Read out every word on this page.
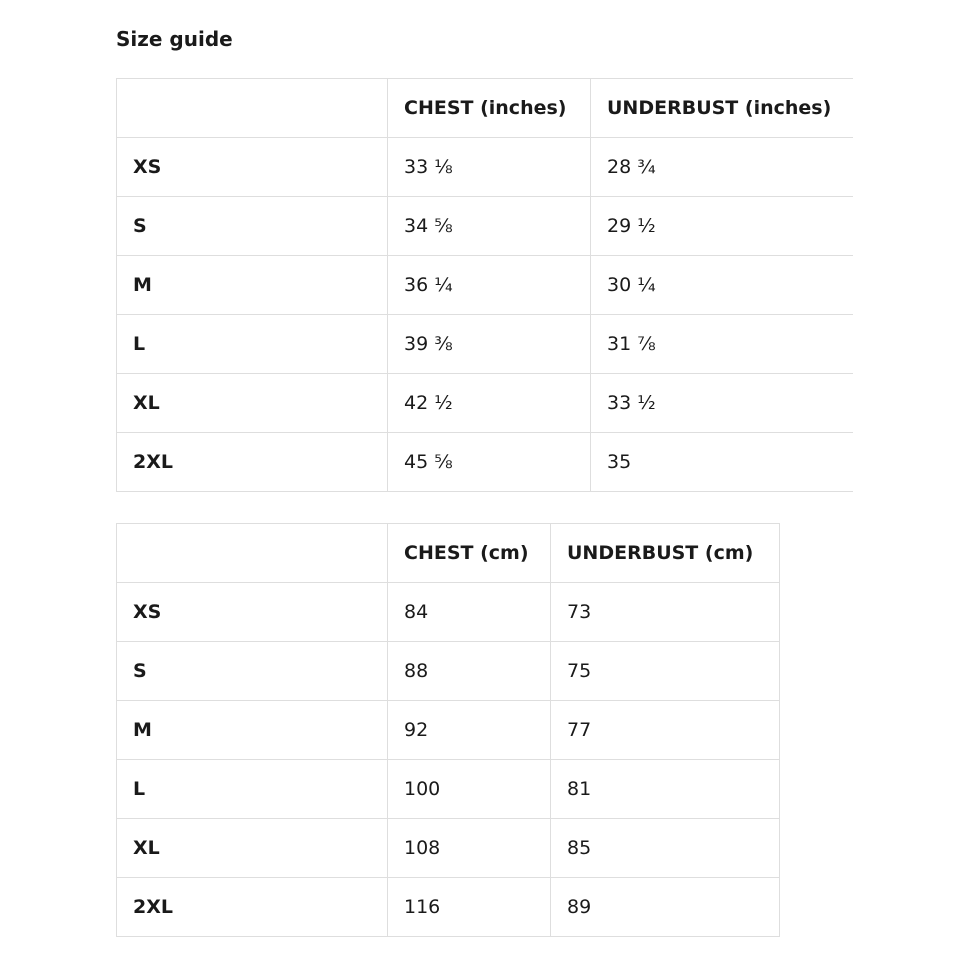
Size guide
	CHEST (inches)	UNDERBUST (inches)
XS	33 ⅛	28 ¾
S	34 ⅝	29 ½
M	36 ¼	30 ¼
L	39 ⅜	31 ⅞
XL	42 ½	33 ½
2XL	45 ⅝	35
	CHEST (cm)	UNDERBUST (cm)
XS	84	73
S	88	75
M	92	77
L	100	81
XL	108	85
2XL	116	89
